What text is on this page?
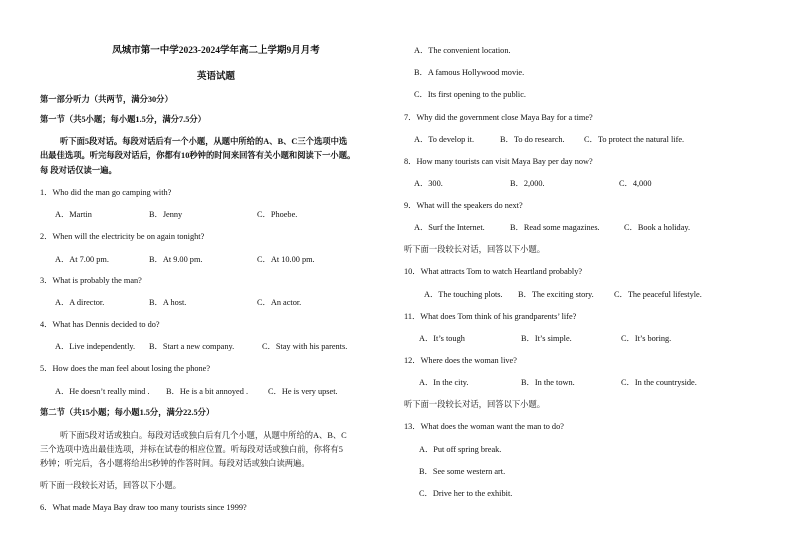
凤城市第一中学2023-2024学年高二上学期9月月考
英语试题
第一部分听力（共两节，满分30分）
第一节（共5小题；每小题1.5分，满分7.5分）
听下面5段对话。每段对话后有一个小题，从题中所给的A、B、C三个选项中选
出最佳选项。听完每段对话后，你都有10秒钟的时间来回答有关小题和阅读下一小题。
每 段对话仅读一遍。
1．Who did the man go camping with?
A．Martin	B．Jenny	C．Phoebe.
2．When will the electricity be on again tonight?
A．At 7.00 pm.	B．At 9.00 pm.	C．At 10.00 pm.
3．What is probably the man?
A．A director.	B．A host.	C．An actor.
4．What has Dennis decided to do?
A．Live independently. B．Start a new company.	C．Stay with his parents.
5．How does the man feel about losing the phone?
A．He doesn’t really mind . B．He is a bit annoyed . C．He is very upset.
第二节（共15小题；每小题1.5分，满分22.5分）
听下面5段对话或独白。每段对话或独白后有几个小题，从题中所给的A、B、C
三个选项中选出最佳选项，并标在试卷的相应位置。听每段对话或独白前，你将有5
秒钟；听完后，各小题将给出5秒钟的作答时间。每段对话或独白读两遍。
听下面一段较长对话，回答以下小题。
6．What made Maya Bay draw too many tourists since 1999?
A．The convenient location.
B．A famous Hollywood movie.
C．Its first opening to the public.
7．Why did the government close Maya Bay for a time?
A．To develop it.	B．To do research. C．To protect the natural life.
8．How many tourists can visit Maya Bay per day now?
A．300.	B．2,000.	C．4,000
9．What will the speakers do next?
A．Surf the Internet.	B．Read some magazines.	C．Book a holiday.
听下面一段较长对话，回答以下小题。
10．What attracts Tom to watch Heartland probably?
A．The touching plots. B．The exciting story. C．The peaceful lifestyle.
11．What does Tom think of his grandparents’ life?
A．It’s tough	B．It’s simple.	C．It’s boring.
12．Where does the woman live?
A．In the city.	B．In the town.	C．In the countryside.
听下面一段较长对话，回答以下小题。
13．What does the woman want the man to do?
A．Put off spring break.
B．See some western art.
C．Drive her to the exhibit.
